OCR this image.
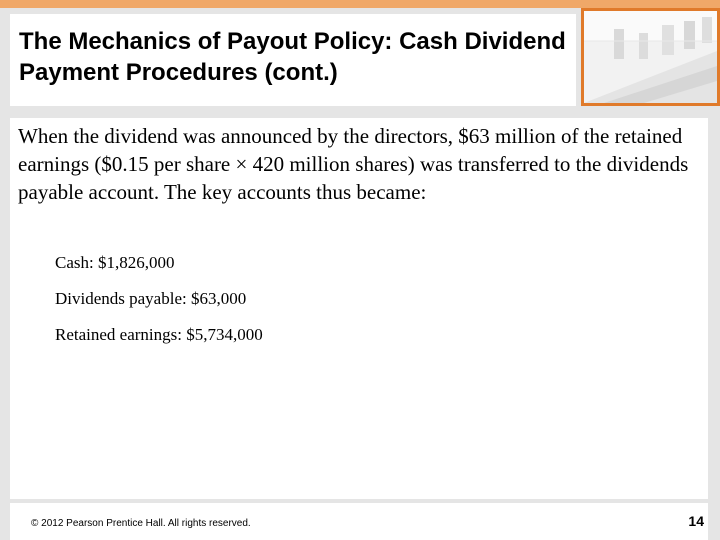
The Mechanics of Payout Policy: Cash Dividend Payment Procedures (cont.)

When the dividend was announced by the directors, $63 million of the retained earnings ($0.15 per share × 420 million shares) was transferred to the dividends payable account. The key accounts thus became:

Cash: $1,826,000

Dividends payable: $63,000

Retained earnings: $5,734,000

© 2012 Pearson Prentice Hall. All rights reserved.	14
